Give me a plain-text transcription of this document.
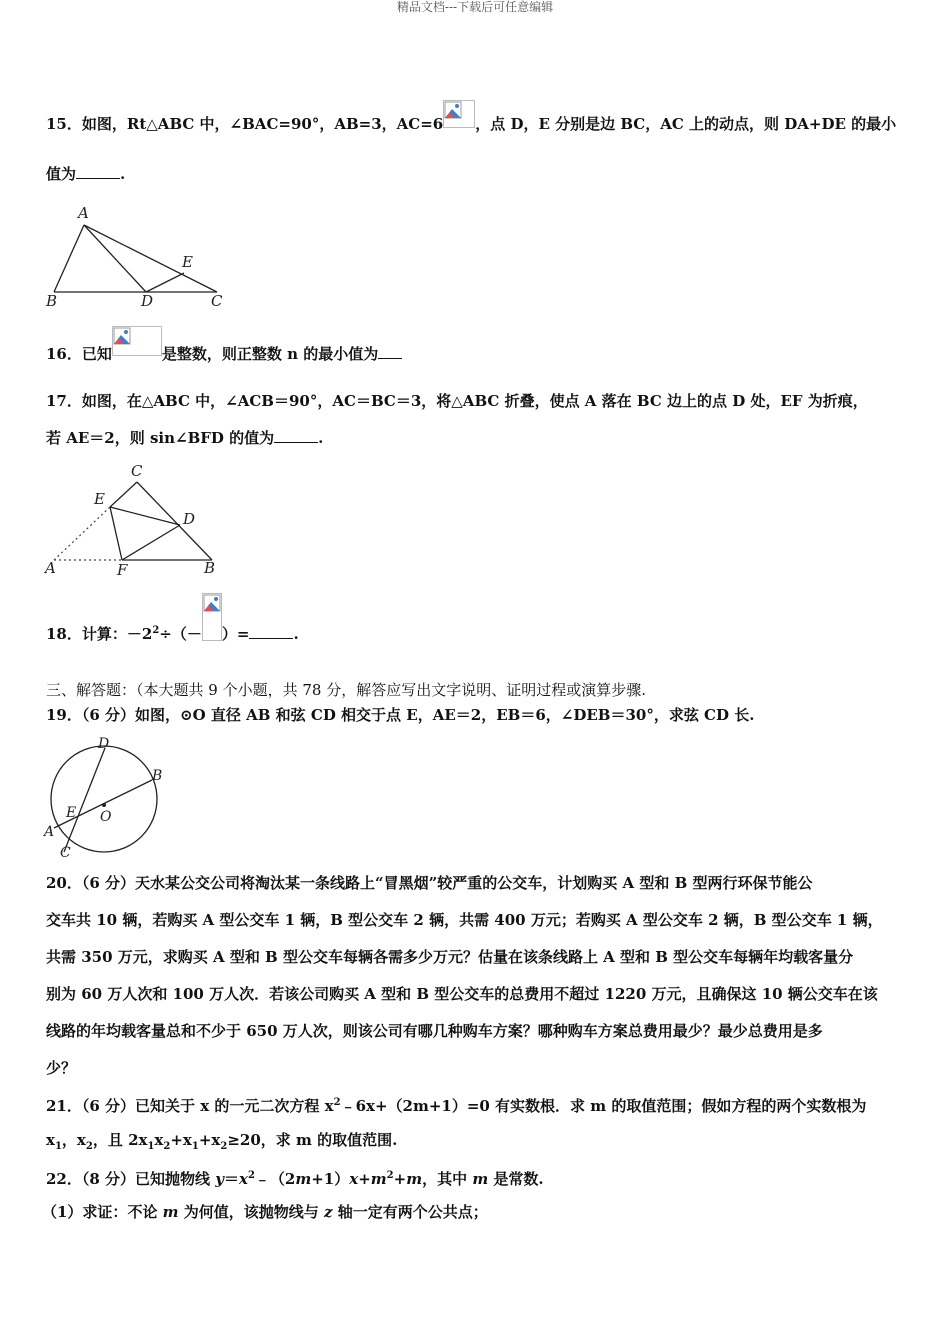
精品文档---下载后可任意编辑
15．如图，Rt△ABC 中，∠BAC=90°，AB=3，AC=6 ，点 D，E 分别是边 BC，AC 上的动点，则 DA+DE 的最小
值为	.
A
E
B	D	C
16．已知	是整数，则正整数 n 的最小值为
17．如图，在△ABC 中，∠ACB＝90°，AC＝BC＝3，将△ABC 折叠，使点 A 落在 BC 边上的点 D 处，EF 为折痕，
若 AE＝2，则 sin∠BFD 的值为	.
C
E
D
A	F	B
18．计算：$-2^2\div(-$ ）=	.
三、解答题：（本大题共 9 个小题，共 78 分，解答应写出文字说明、证明过程或演算步骤.
19．（6 分）如图，⊙O 直径 AB 和弦 CD 相交于点 E，AE＝2，EB＝6，∠DEB＝30°，求弦 CD 长.
D
B
E O
A
C
20．（6 分）天水某公交公司将淘汰某一条线路上“冒黑烟”较严重的公交车，计划购买 A 型和 B 型两行环保节能公
交车共 10 辆，若购买 A 型公交车 1 辆，B 型公交车 2 辆，共需 400 万元；若购买 A 型公交车 2 辆，B 型公交车 1 辆，
共需 350 万元，求购买 A 型和 B 型公交车每辆各需多少万元？估量在该条线路上 A 型和 B 型公交车每辆年均载客量分
别为 60 万人次和 100 万人次．若该公司购买 A 型和 B 型公交车的总费用不超过 1220 万元，且确保这 10 辆公交车在该
线路的年均载客量总和不少于 650 万人次，则该公司有哪几种购车方案？哪种购车方案总费用最少？最少总费用是多
少？
21．（6 分）已知关于 x 的一元二次方程 $x^2﹣6x+(2m+1)=0$ 有实数根．求 m 的取值范围；假如方程的两个实数根为
$x_1$，$x_2$，且 $2x_1x_2+x_1+x_2\ge 20$，求 m 的取值范围.
22．（8 分）已知抛物线 $y=x^2﹣(2m+1)x+m^2+m$，其中 m 是常数.
（1）求证：不论 m 为何值，该抛物线与 z 轴一定有两个公共点；
